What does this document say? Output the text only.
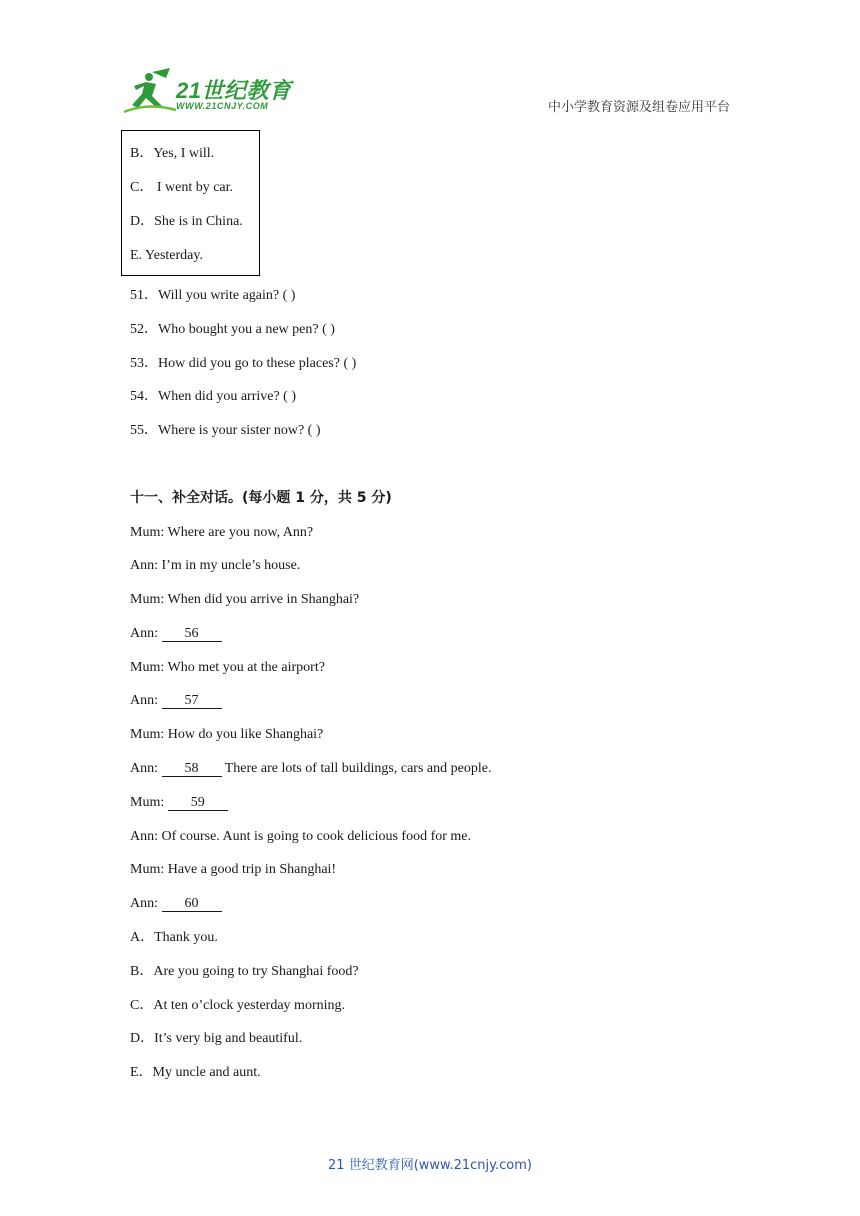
21世纪教育
WWW.21CNJY.COM	中小学教育资源及组卷应用平台
B．Yes, I will.
C． I went by car.
D．She is in China.
E. Yesterday.
51．Will you write again? ( )
52．Who bought you a new pen? ( )
53．How did you go to these places? ( )
54．When did you arrive? ( )
55．Where is your sister now? ( )
十一、补全对话。(每小题 1 分，共 5 分)
Mum: Where are you now, Ann?
Ann: I’m in my uncle’s house.
Mum: When did you arrive in Shanghai?
Ann: 56
Mum: Who met you at the airport?
Ann: 57
Mum: How do you like Shanghai?
Ann: 58 There are lots of tall buildings, cars and people.
Mum: 59
Ann: Of course. Aunt is going to cook delicious food for me.
Mum: Have a good trip in Shanghai!
Ann: 60
A．Thank you.
B．Are you going to try Shanghai food?
C．At ten o’clock yesterday morning.
D．It’s very big and beautiful.
E．My uncle and aunt.
21 世纪教育网(www.21cnjy.com)
